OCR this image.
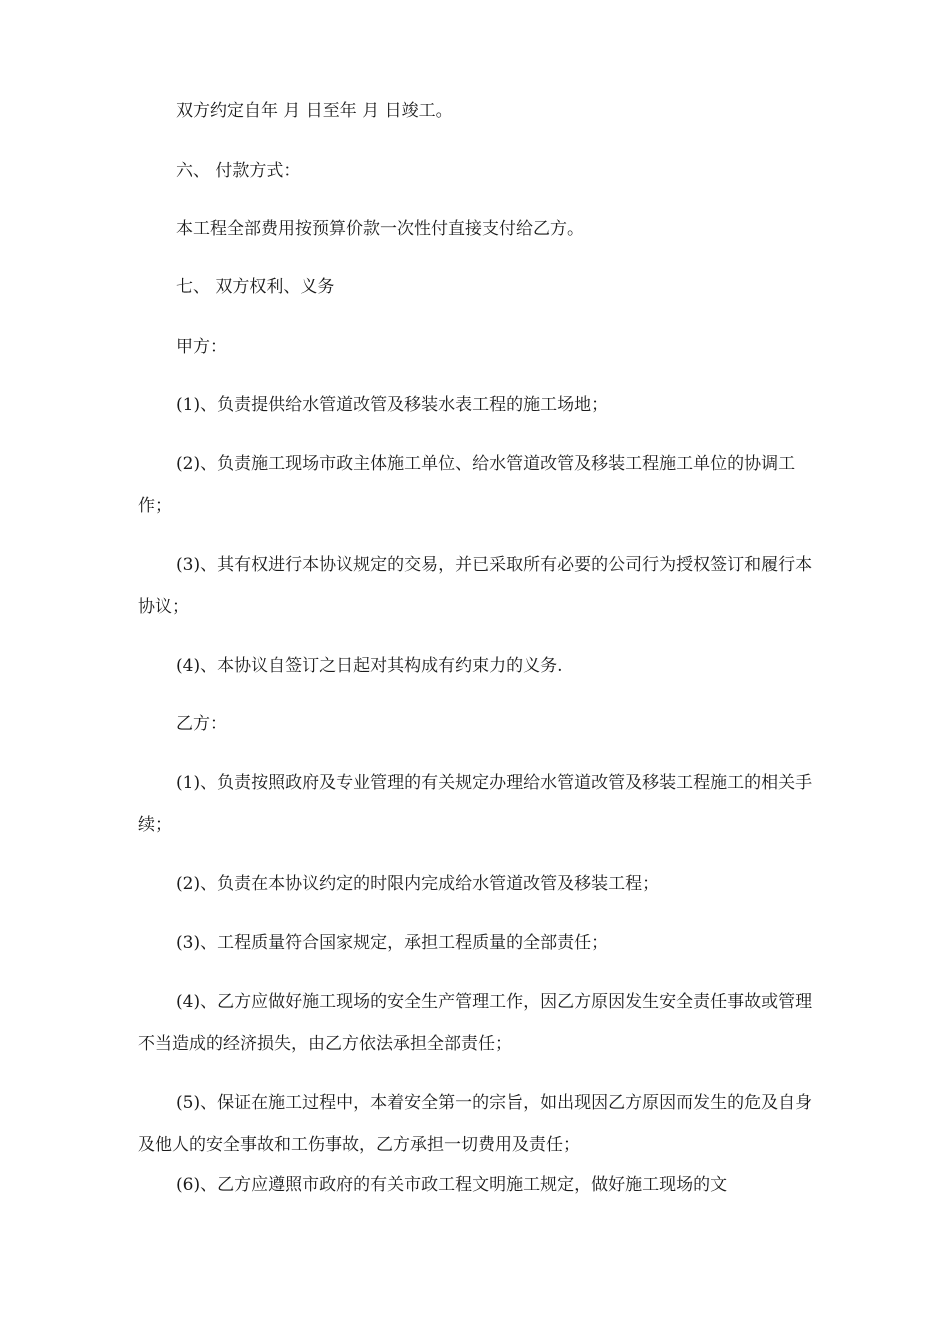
双方约定自年 月 日至年 月 日竣工。

六、 付款方式：

本工程全部费用按预算价款一次性付直接支付给乙方。

七、 双方权利、义务

甲方：

(1)、负责提供给水管道改管及移装水表工程的施工场地；

(2)、负责施工现场市政主体施工单位、给水管道改管及移装工程施工单位的协调工作；

(3)、其有权进行本协议规定的交易，并已采取所有必要的公司行为授权签订和履行本协议；

(4)、本协议自签订之日起对其构成有约束力的义务.

乙方：

(1)、负责按照政府及专业管理的有关规定办理给水管道改管及移装工程施工的相关手续；

(2)、负责在本协议约定的时限内完成给水管道改管及移装工程；

(3)、工程质量符合国家规定，承担工程质量的全部责任；

(4)、乙方应做好施工现场的安全生产管理工作，因乙方原因发生安全责任事故或管理不当造成的经济损失，由乙方依法承担全部责任；

(5)、保证在施工过程中，本着安全第一的宗旨，如出现因乙方原因而发生的危及自身及他人的安全事故和工伤事故，乙方承担一切费用及责任；

(6)、乙方应遵照市政府的有关市政工程文明施工规定，做好施工现场的文
